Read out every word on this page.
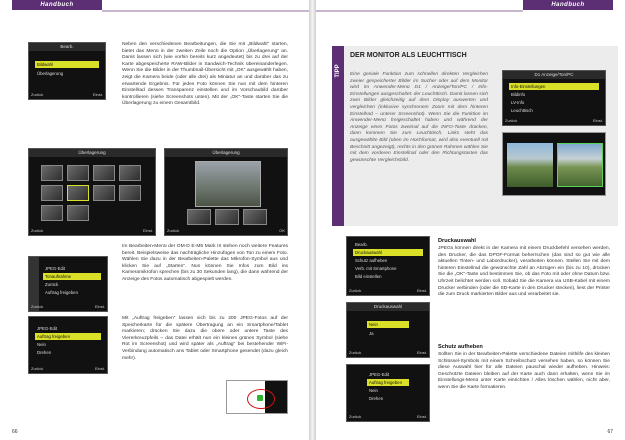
Handbuch
Bearb.
Bildwahl
Überlagerung
Zurück	Einst.

Neben den verschiedenen Bearbeitungen, die Sie mit „Bildwahl“ starten, bietet das Menü in der zweiten Zeile noch die Option „Überlagerung“ an. Damit lassen sich (wie vorhin bereits kurz angedeutet) bis zu drei auf der Karte abgespeicherte RAW-Bilder in Sandwich-Technik übereinanderlegen. Wenn Sie die Bilder in der Thumbnail-Übersicht mit „OK“ ausgewählt haben, zeigt die Kamera beide (oder alle drei) als Miniatur an und darüber das zu erwartende Ergebnis. Für jedes Foto können Sie nun mit dem hinteren Einstellrad dessen Transparenz einstellen und im Vorschaubild darüber kontrollieren (siehe Screenshots unten). Mit der „OK“-Taste starten Sie die Überlagerung zu einem Gesamtbild.

Überlagerung
Zurück	Einst.
Überlagerung
Zurück	OK

Im Bearbeiten-Menü der OM-D E-M5 Mark III stehen noch weitere Features bereit. Beispielsweise das nachträgliche Hinzufügen von Ton zu einem Foto. Wählen Sie dazu in der Bearbeiten-Palette das Mikrofon-Symbol aus und klicken Sie auf „Starten“. Nun können Sie Infos zum Bild ins Kameramikrofon sprechen (bis zu 30 Sekunden lang), die dann während der Anzeige des Fotos automatisch abgespielt werden.

JPEG-Edit
Tonaufnahme
Zurück
Auftrag freigeben
Zurück	Einst.

Mit „Auftrag freigeben“ lassen sich bis zu 200 JPEG-Fotos auf der Speicherkarte für die spätere Übertragung an ein Smartphone/Tablet markieren; drücken Sie dazu die obere oder untere Taste des Viererkreuzpfeils – das Datei erhält nun ein kleines grünes Symbol (siehe Rot im Screenshot) und wird später als „Auftrag“ bei bestehender WiFi-Verbindung automatisch ans Tablet oder Smartphone gesendet (dazu gleich mehr).

JPEG-Edit
Auftrag freigeben
Nein
Drehen
Zurück	Einst.
66
Handbuch
TIPP
DER MONITOR ALS LEUCHTTISCH

Eine geniale Funktion zum schnellen direkten Vergleichen zweier gespeicherter Bilder im Sucher oder auf dem Monitor wird im Anwender-Menü D1 / Anzeige/Ton/PC / Info-Einstellungen ausgeschaltet: der Leuchttisch. Damit lassen sich zwei Bilder gleichzeitig auf dem Display auswerten und vergleichen (inklusive synchronem Zoom mit dem hinteren Einstellrad – unterer Screenshot). Wenn Sie die Funktion im Anwender-Menü freigeschaltet haben und während der Anzeige eines Fotos zweimal auf die INFO-Taste drücken, dann kommen Sie zum Leuchttisch. Links steht das ausgewählte Bild (oben im Hochformat, wird also eventuell mit Beschnitt angezeigt), rechts in den grünen Rahmen wählen Sie mit dem vorderen Einstellrad oder den Richtungstasten das gewünschte Vergleichsbild.

D1 Anzeige/Ton/PC
Info-Einstellungen
Bildinfo
LV-Info
Leuchttisch
Zurück	Einst.
Bearb.
Druckauswahl
Schutz aufheben
Verb. mit Smartphone
Bild einstellen
Zurück	Einst.
Druckauswahl
Nein
Ja
Zurück	Einst.
JPEG-Edit
Auftrag freigeben
Nein
Drehen
Zurück	Einst.
Druckauswahl

JPEGs können direkt in der Kamera mit einem Druckbefehl versehen werden, den Drucker, die das DPOF-Format beherrschen (das sind so gut wie alle aktuellen Tinten- und Labordrucker), verarbeiten können. Stellen Sie mit dem hinteren Einstellrad die gewünschte Zahl an Abzügen ein (bis zu 10), drücken Sie die „OK“-Taste und bestimmen Sie, ob das Foto mit oder ohne Datum bzw. Uhrzeit belichtet werden soll. Sobald Sie die Kamera via USB-Kabel mit einem Drucker verbinden (oder die SD-Karte in den Drucker stecken), liest der Printer die zum Druck markierten Bilder aus und verarbeitet sie.

Schutz aufheben

Sollten Sie in der Bearbeiten-Palette verschiedene Dateien mithilfe des kleinen Schlüssel-Symbols mit einem Schreibschutz versehen haben, so können Sie diese Auswahl hier für alle Dateien pauschal wieder aufheben. Hinweis: Geschützte Dateien bleiben auf der Karte auch dann erhalten, wenn Sie im Einstellungs-Menü unter Karte einrichten / Alles löschen wählen, nicht aber, wenn Sie die Karte formatieren.

67
